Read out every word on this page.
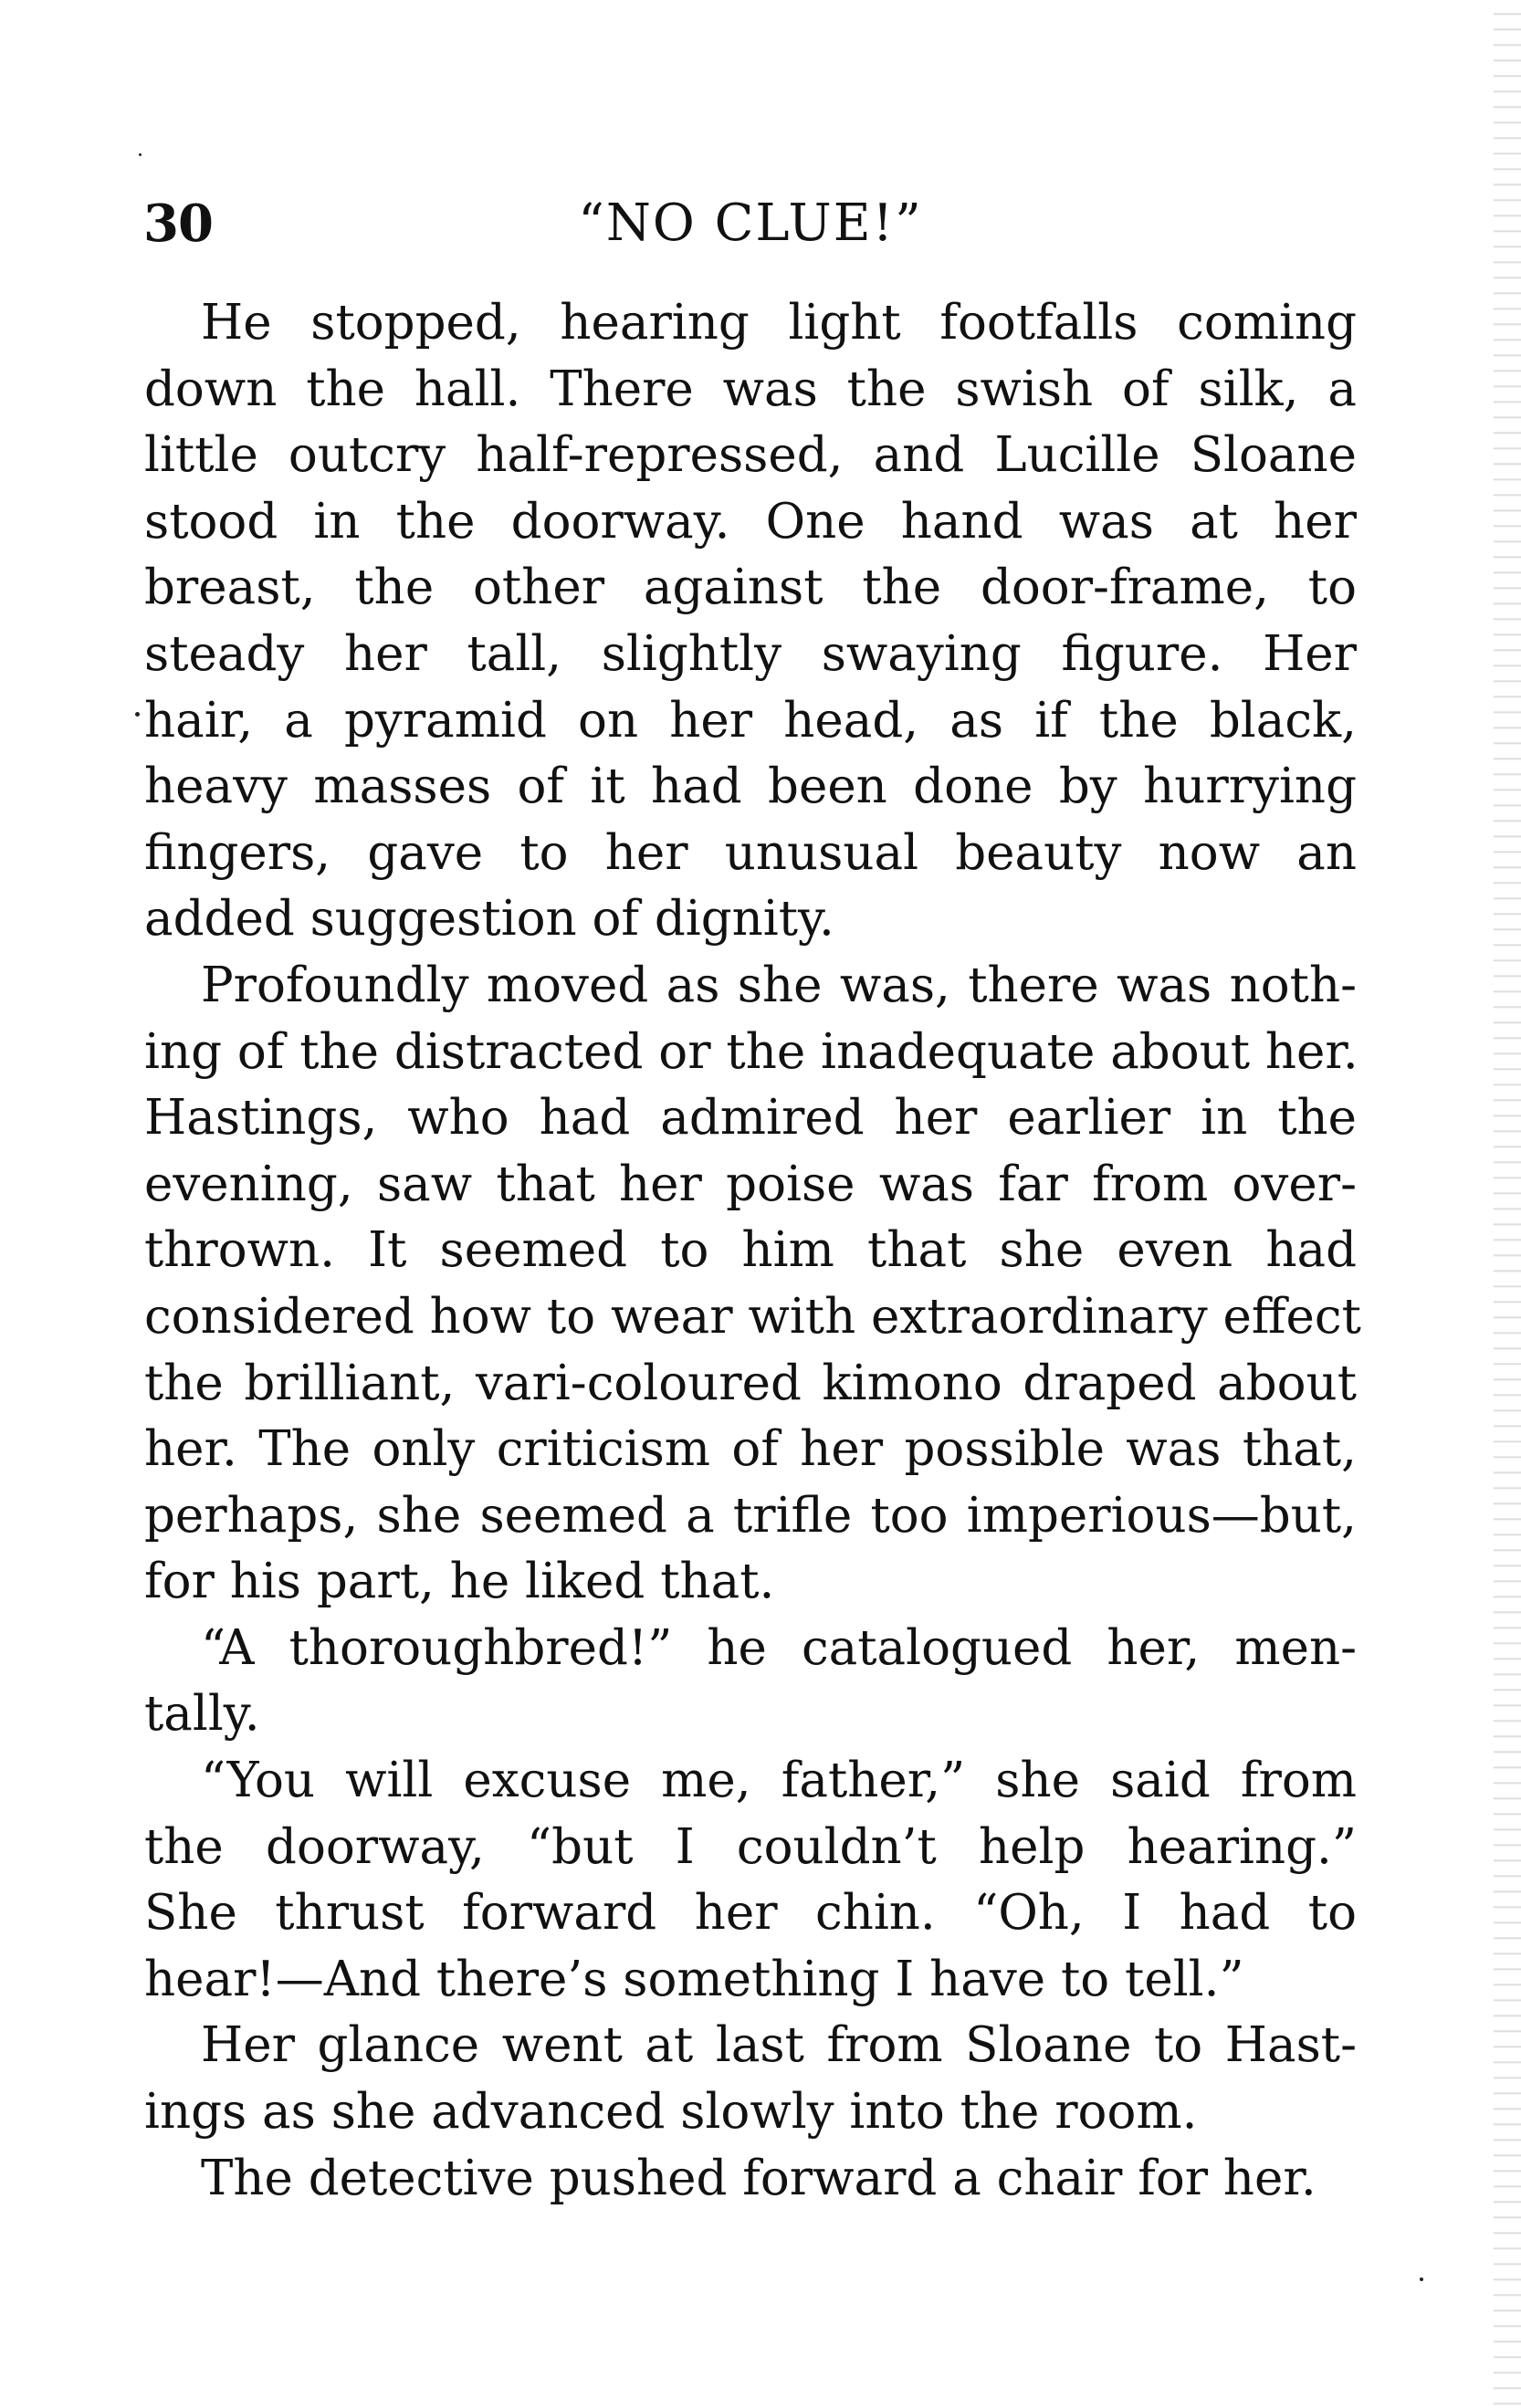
30	“NO CLUE!”

He stopped, hearing light footfalls coming
down the hall. There was the swish of silk, a
little outcry half-repressed, and Lucille Sloane
stood in the doorway. One hand was at her
breast, the other against the door-frame, to
steady her tall, slightly swaying figure. Her
hair, a pyramid on her head, as if the black,
heavy masses of it had been done by hurrying
fingers, gave to her unusual beauty now an
added suggestion of dignity.

Profoundly moved as she was, there was noth-
ing of the distracted or the inadequate about her.
Hastings, who had admired her earlier in the
evening, saw that her poise was far from over-
thrown. It seemed to him that she even had
considered how to wear with extraordinary effect
the brilliant, vari-coloured kimono draped about
her. The only criticism of her possible was that,
perhaps, she seemed a trifle too imperious—but,
for his part, he liked that.

“A thoroughbred!” he catalogued her, men-
tally.

“You will excuse me, father,” she said from
the doorway, “but I couldn’t help hearing.”
She thrust forward her chin. “Oh, I had to
hear!—And there’s something I have to tell.”

Her glance went at last from Sloane to Hast-
ings as she advanced slowly into the room.

The detective pushed forward a chair for her.
